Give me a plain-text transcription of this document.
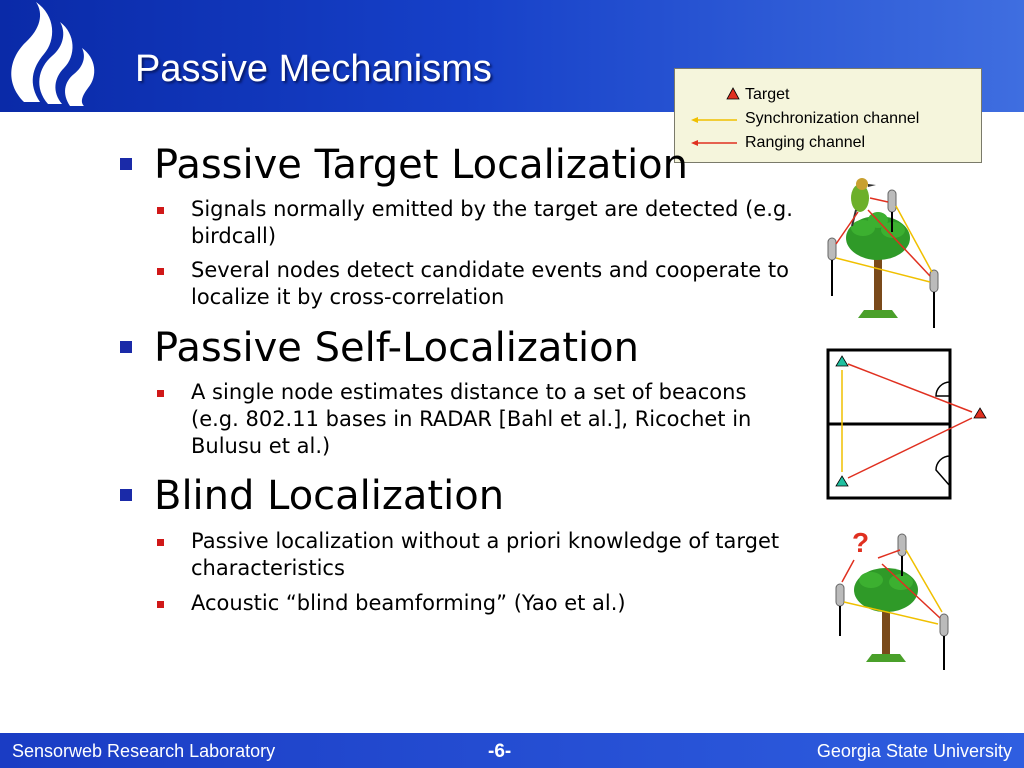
Passive Mechanisms
Target
Synchronization channel
Ranging channel
Passive Target Localization
Signals normally emitted by the target are detected (e.g. birdcall)
Several nodes detect candidate events and cooperate to localize it by cross-correlation
Passive Self-Localization
A single node estimates distance to a set of beacons (e.g. 802.11 bases in RADAR [Bahl et al.], Ricochet in Bulusu et al.)
Blind Localization
Passive localization without a priori knowledge of target characteristics
Acoustic “blind beamforming” (Yao et al.)
?
Sensorweb Research Laboratory	-6-	Georgia State University
